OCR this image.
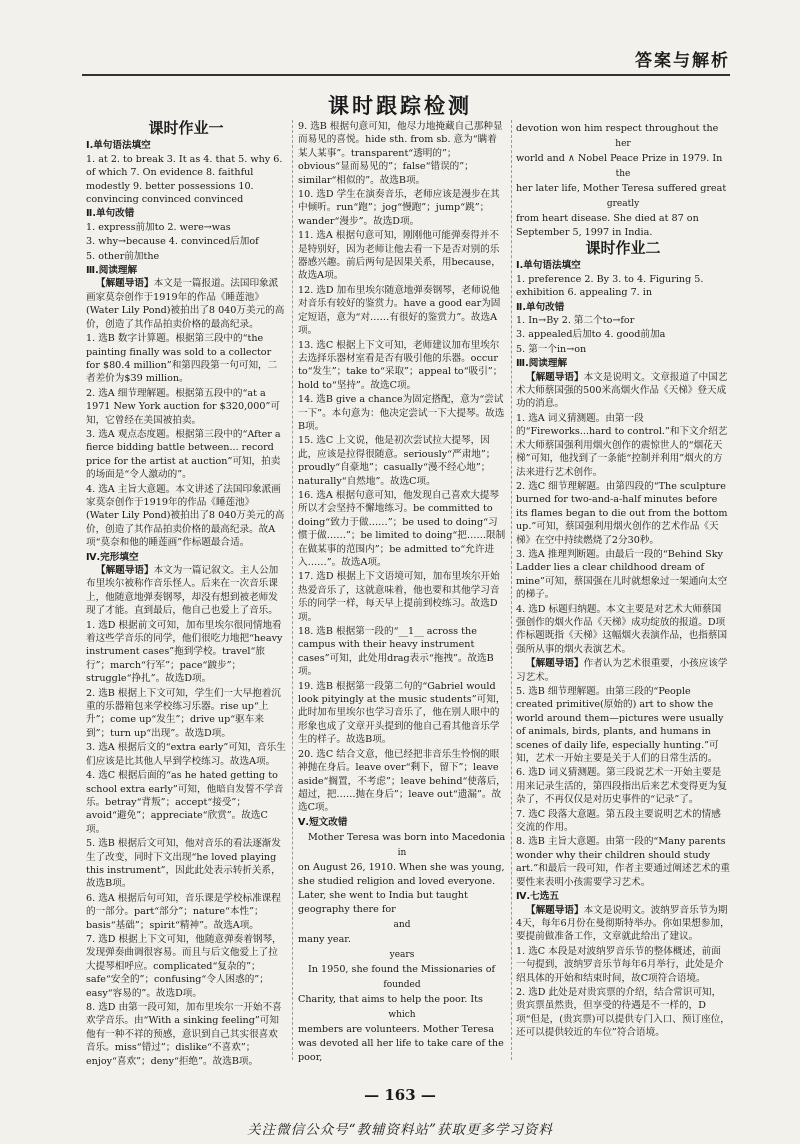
答案与解析
课时跟踪检测
课时作业一
Ⅰ.单句语法填空

1. at 2. to break 3. It as 4. that 5. why 6. of which 7. On evidence 8. faithful modestly 9. better possessions 10. convincing convinced convinced

Ⅱ.单句改错

1. express前加to 2. were→was

3. why→because 4. convinced后加of

5. other前加the

Ⅲ.阅读理解

【解题导语】本文是一篇报道。法国印象派画家莫奈创作于1919年的作品《睡莲池》(Water Lily Pond)被拍出了8 040万美元的高价，创造了其作品拍卖价格的最高纪录。

1. 选B 数字计算题。根据第三段中的“the painting finally was sold to a collector for $80.4 million”和第四段第一句可知，二者差价为$39 million。

2. 选A 细节理解题。根据第五段中的“at a 1971 New York auction for $320,000”可知，它曾经在美国被拍卖。

3. 选A 观点态度题。根据第三段中的“After a fierce bidding battle between... record price for the artist at auction”可知，拍卖的场面是“令人激动的”。

4. 选A 主旨大意题。本文讲述了法国印象派画家莫奈创作于1919年的作品《睡莲池》(Water Lily Pond)被拍出了8 040万美元的高价，创造了其作品拍卖价格的最高纪录。故A项“莫奈和他的睡莲画”作标题最合适。

Ⅳ.完形填空

【解题导语】本文为一篇记叙文。主人公加布里埃尔被称作音乐怪人。后来在一次音乐课上，他随意地弹奏钢琴，却没有想到被老师发现了才能。直到最后，他自己也爱上了音乐。

1. 选D 根据前文可知，加布里埃尔很同情地看着这些学音乐的同学，他们很吃力地把“heavy instrument cases”拖到学校。travel“旅行”；march“行军”；pace“踱步”；struggle“挣扎”。故选D项。

2. 选B 根据上下文可知，学生们一大早抱着沉重的乐器箱包来学校练习乐器。rise up“上升”；come up“发生”；drive up“驱车来到”；turn up“出现”。故选D项。

3. 选A 根据后文的“extra early”可知，音乐生们应该是比其他人早到学校练习。故选A项。

4. 选C 根据后面的“as he hated getting to school extra early”可知，他暗自发誓不学音乐。betray“背叛”；accept“接受”；avoid“避免”；appreciate“欣赏”。故选C项。

5. 选B 根据后文可知，他对音乐的看法逐渐发生了改变，同时下文出现“he loved playing this instrument”，因此此处表示转折关系，故选B项。

6. 选A 根据后句可知，音乐课是学校标准课程的一部分。part“部分”；nature“本性”；basis“基础”；spirit“精神”。故选A项。

7. 选D 根据上下文可知，他随意弹奏着钢琴，发现弹奏曲调很容易。而且与后文他爱上了拉大提琴相呼应。complicated“复杂的”；safe“安全的”；confusing“令人困惑的”；easy“容易的”。故选D项。

8. 选D 由第一段可知，加布里埃尔一开始不喜欢学音乐。由“With a sinking feeling”可知他有一种不祥的预感，意识到自己其实很喜欢音乐。miss“错过”；dislike“不喜欢”；enjoy“喜欢”；deny“拒绝”。故选B项。

9. 选B 根据句意可知，他尽力地掩藏自己那种显而易见的喜悦。hide sth. from sb. 意为“瞒着某人某事”。transparent“透明的”；obvious“显而易见的”；false“错误的”；similar“相似的”。故选B项。

10. 选D 学生在演奏音乐，老师应该是漫步在其中倾听。run“跑”；jog“慢跑”；jump“跳”；wander“漫步”。故选D项。

11. 选A 根据句意可知，刚刚他可能弹奏得并不是特别好，因为老师让他去看一下是否对别的乐器感兴趣。前后两句是因果关系，用because，故选A项。

12. 选D 加布里埃尔随意地弹奏钢琴，老师说他对音乐有较好的鉴赏力。have a good ear为固定短语，意为“对……有很好的鉴赏力”。故选A项。

13. 选C 根据上下文可知，老师建议加布里埃尔去选择乐器材室看是否有吸引他的乐器。occur to“发生”；take to“采取”；appeal to“吸引”；hold to“坚持”。故选C项。

14. 选B give a chance为固定搭配，意为“尝试一下”。本句意为：他决定尝试一下大提琴。故选B项。

15. 选C 上文说，他是初次尝试拉大提琴，因此，应该是拉得很随意。seriously“严肃地”；proudly“自豪地”；casually“漫不经心地”；naturally“自然地”。故选C项。

16. 选A 根据句意可知，他发现自己喜欢大提琴所以才会坚持不懈地练习。be committed to doing“致力于做……”；be used to doing“习惯于做……”；be limited to doing“把……限制在做某事的范围内”；be admitted to“允许进入……”。故选A项。

17. 选D 根据上下文语境可知，加布里埃尔开始热爱音乐了，这就意味着，他也要和其他学习音乐的同学一样，每天早上提前到校练习。故选D项。

18. 选B 根据第一段的“__1__ across the campus with their heavy instrument cases”可知，此处用drag表示“拖拽”。故选B项。

19. 选B 根据第一段第二句的“Gabriel would look pityingly at the music students”可知，此时加布里埃尔也学习音乐了，他在别人眼中的形象也成了文章开头提到的他自己看其他音乐学生的样子。故选B项。

20. 选C 结合文意，他已经把非音乐生怜悯的眼神抛在身后。leave over“剩下，留下”；leave aside“搁置，不考虑”；leave behind“使落后，超过，把……抛在身后”；leave out“遗漏”。故选C项。

Ⅴ.短文改错

Mother Teresa was born into Macedonia

in

on August 26, 1910. When she was young, she studied religion and loved everyone. Later, she went to India but taught geography there for

and

many year.

years

In 1950, she found the Missionaries of

founded

Charity, that aims to help the poor. Its

which

members are volunteers. Mother Teresa was devoted all her life to take care of the poor,

devotion won him respect throughout the

her

world and ∧ Nobel Peace Prize in 1979. In

the

her later life, Mother Teresa suffered great

greatly

from heart disease. She died at 87 on September 5, 1997 in India.

课时作业二
Ⅰ.单句语法填空

1. preference 2. By 3. to 4. Figuring 5. exhibition 6. appealing 7. in

Ⅱ.单句改错

1. In→By 2. 第二个to→for

3. appealed后加to 4. good前加a

5. 第一个in→on

Ⅲ.阅读理解

【解题导语】本文是说明文。文章报道了中国艺术大师蔡国强的500米高烟火作品《天梯》登天成功的消息。

1. 选A 词义猜测题。由第一段的“Fireworks...hard to control.”和下文介绍艺术大师蔡国强利用烟火创作的震惊世人的“烟花天梯”可知，他找到了一条能“控制并利用”烟火的方法来进行艺术创作。

2. 选C 细节理解题。由第四段的“The sculpture burned for two-and-a-half minutes before its flames began to die out from the bottom up.”可知，蔡国强利用烟火创作的艺术作品《天梯》在空中持续燃烧了2分30秒。

3. 选A 推理判断题。由最后一段的“Behind Sky Ladder lies a clear childhood dream of mine”可知，蔡国强在儿时就想象过一架通向太空的梯子。

4. 选D 标题归纳题。本文主要是对艺术大师蔡国强创作的烟火作品《天梯》成功绽放的报道。D项作标题既指《天梯》这幅烟火表演作品，也指蔡国强所从事的烟火表演艺术。

【解题导语】作者认为艺术很重要，小孩应该学习艺术。

5. 选B 细节理解题。由第三段的“People created primitive(原始的) art to show the world around them—pictures were usually of animals, birds, plants, and humans in scenes of daily life, especially hunting.”可知，艺术一开始主要是关于人们的日常生活的。

6. 选D 词义猜测题。第三段说艺术一开始主要是用来记录生活的，第四段指出后来艺术变得更为复杂了，不再仅仅是对历史事件的“记录”了。

7. 选C 段落大意题。第五段主要说明艺术的情感交流的作用。

8. 选B 主旨大意题。由第一段的“Many parents wonder why their children should study art.”和最后一段可知，作者主要通过阐述艺术的重要性来表明小孩需要学习艺术。

Ⅳ.七选五

【解题导语】本文是说明文。波纳罗音乐节为期4天，每年6月份在曼彻斯特举办。你如果想参加，要提前做准备工作，文章就此给出了建议。

1. 选C 本段是对波纳罗音乐节的整体概述，前面一句提到，波纳罗音乐节每年6月举行，此处是介绍具体的开始和结束时间，故C项符合语境。

2. 选D 此处是对贵宾票的介绍，结合常识可知，贵宾票虽然贵，但享受的待遇是不一样的，D项“但是，(贵宾票)可以提供专门入口、预订座位，还可以提供较近的车位”符合语境。

— 163 —
关注微信公众号“教辅资料站”获取更多学习资料
